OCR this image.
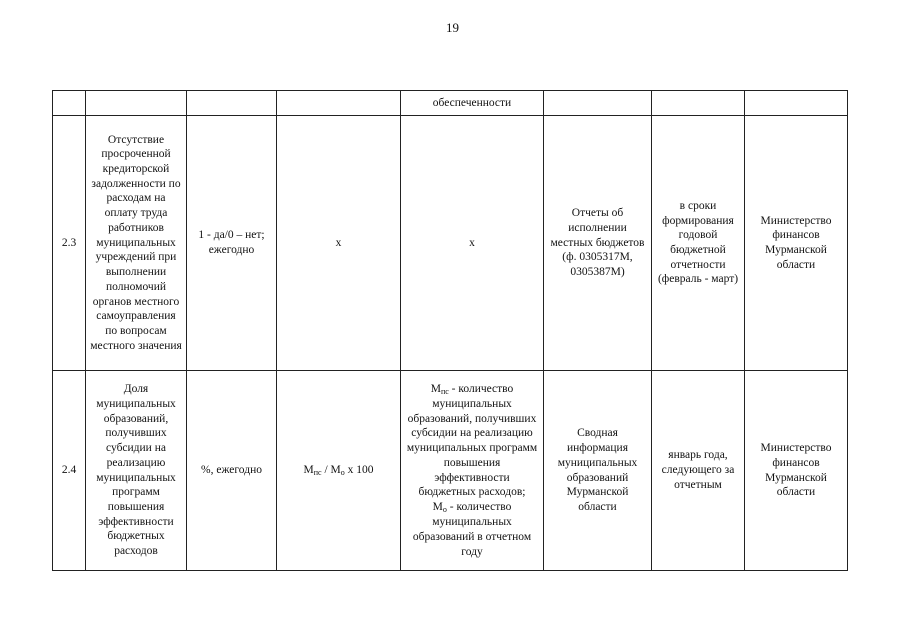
19
				обеспеченности			
2.3	Отсутствие просроченной кредиторской задолженности по расходам на оплату труда работников муниципальных учреждений при выполнении полномочий органов местного самоуправления по вопросам местного значения	1 - да/0 – нет; ежегодно	x	x	Отчеты об исполнении местных бюджетов (ф. 0305317М, 0305387М)	в сроки формирования годовой бюджетной отчетности (февраль - март)	Министерство финансов Мурманской области
2.4	Доля муниципальных образований, получивших субсидии на реализацию муниципальных программ повышения эффективности бюджетных расходов	%, ежегодно	$М_{пс} / М_о$ х 100	$М_{пс}$ - количество муниципальных образований, получивших субсидии на реализацию муниципальных программ повышения эффективности бюджетных расходов;
$М_о$ - количество муниципальных образований в отчетном году	Сводная информация муниципальных образований Мурманской области	январь года, следующего за отчетным	Министерство финансов Мурманской области
